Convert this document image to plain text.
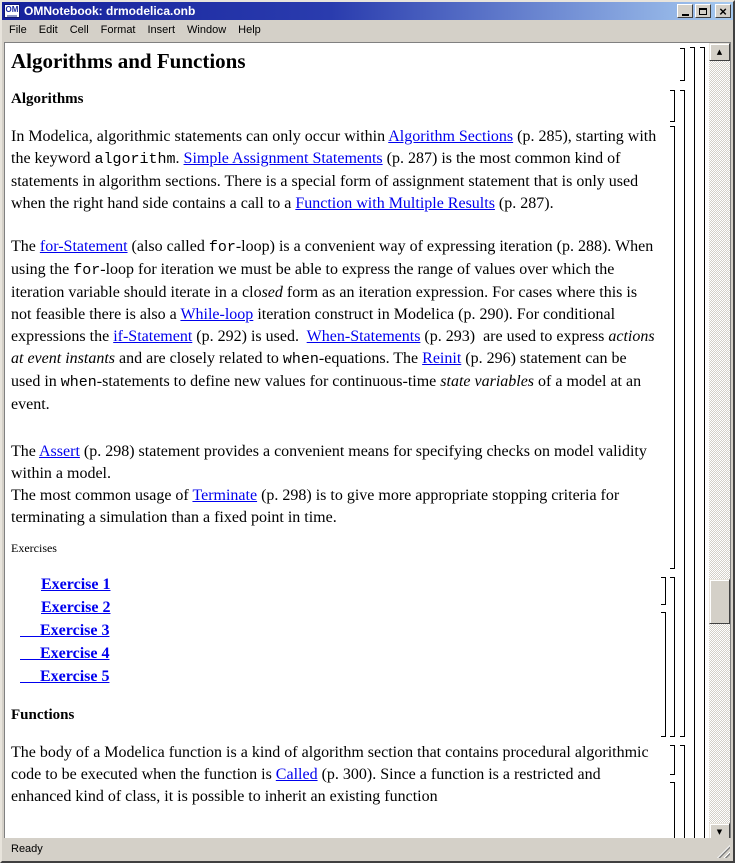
OM OMNotebook: drmodelica.onb	×
File	Edit	Cell	Format	Insert	Window	Help
Algorithms and Functions
Algorithms

In Modelica, algorithmic statements can only occur within Algorithm Sections (p. 285), starting with the keyword algorithm. Simple Assignment Statements (p. 287) is the most common kind of statements in algorithm sections. There is a special form of assignment statement that is only used when the right hand side contains a call to a Function with Multiple Results (p. 287).

The for-Statement (also called for-loop) is a convenient way of expressing iteration (p. 288). When using the for-loop for iteration we must be able to express the range of values over which the iteration variable should iterate in a closed form as an iteration expression. For cases where this is not feasible there is also a While-loop iteration construct in Modelica (p. 290). For conditional expressions the if-Statement (p. 292) is used.  When-Statements (p. 293)  are used to express actions at event instants and are closely related to when-equations. The Reinit (p. 296) statement can be used in when-statements to define new values for continuous-time state variables of a model at an event.

The Assert (p. 298) statement provides a convenient means for specifying checks on model validity within a model.
The most common usage of Terminate (p. 298) is to give more appropriate stopping criteria for terminating a simulation than a fixed point in time.

Exercises
Exercise 1
Exercise 2
Exercise 3
Exercise 4
Exercise 5
Functions

The body of a Modelica function is a kind of algorithm section that contains procedural algorithmic code to be executed when the function is Called (p. 300). Since a function is a restricted and enhanced kind of class, it is possible to inherit an existing function

▲
▼
Ready
